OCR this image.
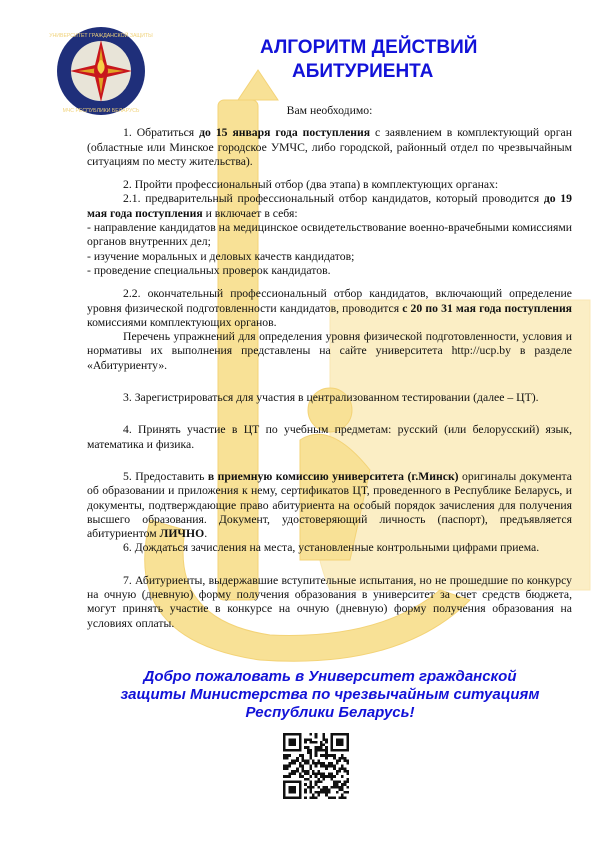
УНИВЕРСИТЕТ ГРАЖДАНСКОЙ ЗАЩИТЫ
МЧС РЕСПУБЛИКИ БЕЛАРУСЬ
АЛГОРИТМ ДЕЙСТВИЙ
АБИТУРИЕНТА

Вам необходимо:

1. Обратиться до 15 января года поступления с заявлением в комплектующий орган (областные или Минское городское УМЧС, либо городской, районный отдел по чрезвычайным ситуациям по месту жительства).

2. Пройти профессиональный отбор (два этапа) в комплектующих органах:

2.1. предварительный профессиональный отбор кандидатов, который проводится до 19 мая года поступления и включает в себя:

- направление кандидатов на медицинское освидетельствование военно-врачебными комиссиями органов внутренних дел;

- изучение моральных и деловых качеств кандидатов;

- проведение специальных проверок кандидатов.

2.2. окончательный профессиональный отбор кандидатов, включающий определение уровня физической подготовленности кандидатов, проводится с 20 по 31 мая года поступления комиссиями комплектующих органов.

Перечень упражнений для определения уровня физической подготовленности, условия и нормативы их выполнения представлены на сайте университета http://ucp.by в разделе «Абитуриенту».

3. Зарегистрироваться для участия в централизованном тестировании (далее – ЦТ).

4. Принять участие в ЦТ по учебным предметам: русский (или белорусский) язык, математика и физика.

5. Предоставить в приемную комиссию университета (г.Минск) оригиналы документа об образовании и приложения к нему, сертификатов ЦТ, проведенного в Республике Беларусь, и документы, подтверждающие право абитуриента на особый порядок зачисления для получения высшего образования. Документ, удостоверяющий личность (паспорт), предъявляется абитуриентом ЛИЧНО.

6. Дождаться зачисления на места, установленные контрольными цифрами приема.

7. Абитуриенты, выдержавшие вступительные испытания, но не прошедшие по конкурсу на очную (дневную) форму получения образования в университет за счет средств бюджета, могут принять участие в конкурсе на очную (дневную) форму получения образования на условиях оплаты.

Добро пожаловать в Университет гражданской
защиты Министерства по чрезвычайным ситуациям
Республики Беларусь!
